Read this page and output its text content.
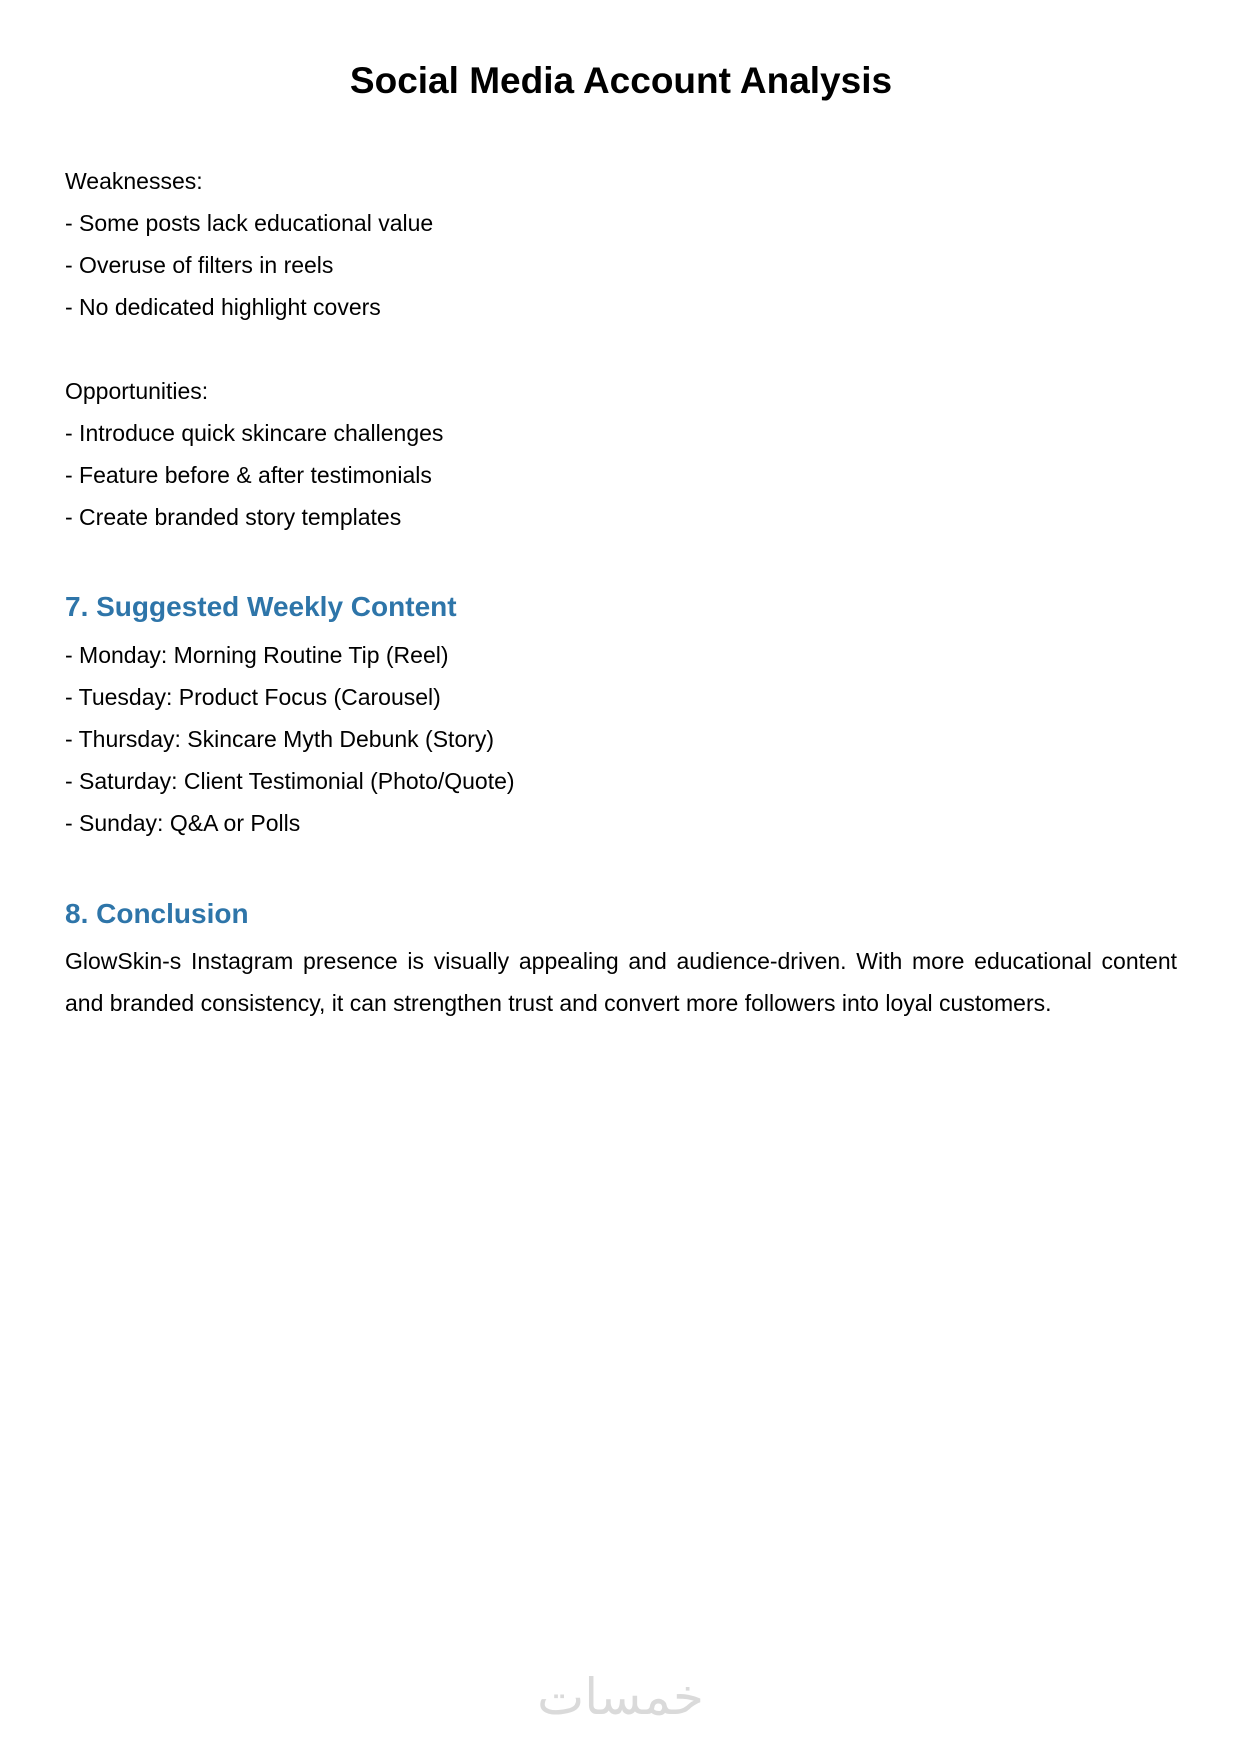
Social Media Account Analysis
Weaknesses:
- Some posts lack educational value
- Overuse of filters in reels
- No dedicated highlight covers
Opportunities:
- Introduce quick skincare challenges
- Feature before & after testimonials
- Create branded story templates
7. Suggested Weekly Content
- Monday: Morning Routine Tip (Reel)
- Tuesday: Product Focus (Carousel)
- Thursday: Skincare Myth Debunk (Story)
- Saturday: Client Testimonial (Photo/Quote)
- Sunday: Q&A or Polls
8. Conclusion

GlowSkin-s Instagram presence is visually appealing and audience-driven. With more educational content and branded consistency, it can strengthen trust and convert more followers into loyal customers.

خمسات
